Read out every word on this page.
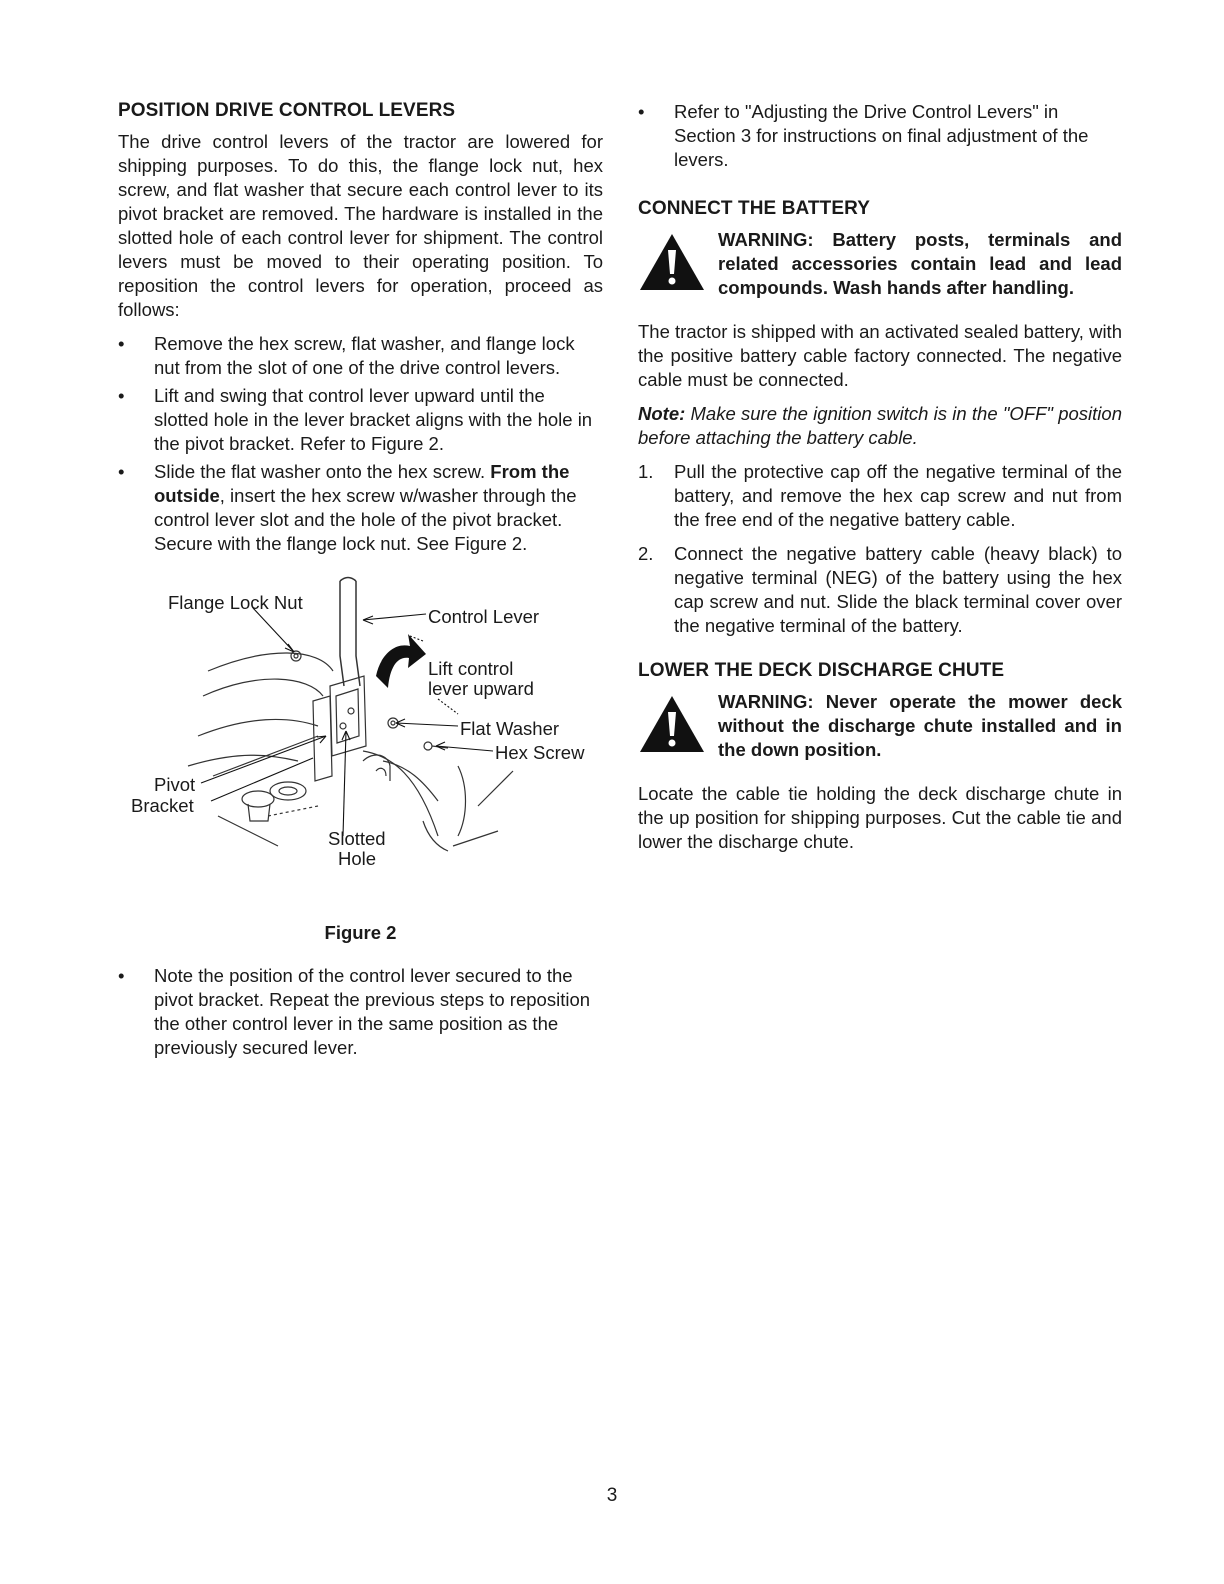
POSITION DRIVE CONTROL LEVERS

The drive control levers of the tractor are lowered for shipping purposes. To do this, the flange lock nut, hex screw, and flat washer that secure each control lever to its pivot bracket are removed. The hardware is installed in the slotted hole of each control lever for shipment. The control levers must be moved to their operating position. To reposition the control levers for operation, proceed as follows:

• Remove the hex screw, flat washer, and flange lock nut from the slot of one of the drive control levers.
• Lift and swing that control lever upward until the slotted hole in the lever bracket aligns with the hole in the pivot bracket. Refer to Figure 2.
• Slide the flat washer onto the hex screw. From the outside, insert the hex screw w/washer through the control lever slot and the hole of the pivot bracket. Secure with the flange lock nut. See Figure 2.
Flange Lock Nut
Control Lever
Lift control
lever upward
Flat Washer
Hex Screw
Pivot
Bracket
Slotted
Hole
Figure 2
• Note the position of the control lever secured to the pivot bracket. Repeat the previous steps to reposition the other control lever in the same position as the previously secured lever.
• Refer to "Adjusting the Drive Control Levers" in Section 3 for instructions on final adjustment of the levers.
CONNECT THE BATTERY
WARNING: Battery posts, terminals and related accessories contain lead and lead compounds. Wash hands after handling.

The tractor is shipped with an activated sealed battery, with the positive battery cable factory connected. The negative cable must be connected.

Note: Make sure the ignition switch is in the "OFF" position before attaching the battery cable.

1. Pull the protective cap off the negative terminal of the battery, and remove the hex cap screw and nut from the free end of the negative battery cable.
2. Connect the negative battery cable (heavy black) to negative terminal (NEG) of the battery using the hex cap screw and nut. Slide the black terminal cover over the negative terminal of the battery.
LOWER THE DECK DISCHARGE CHUTE
WARNING: Never operate the mower deck without the discharge chute installed and in the down position.

Locate the cable tie holding the deck discharge chute in the up position for shipping purposes. Cut the cable tie and lower the discharge chute.

3
